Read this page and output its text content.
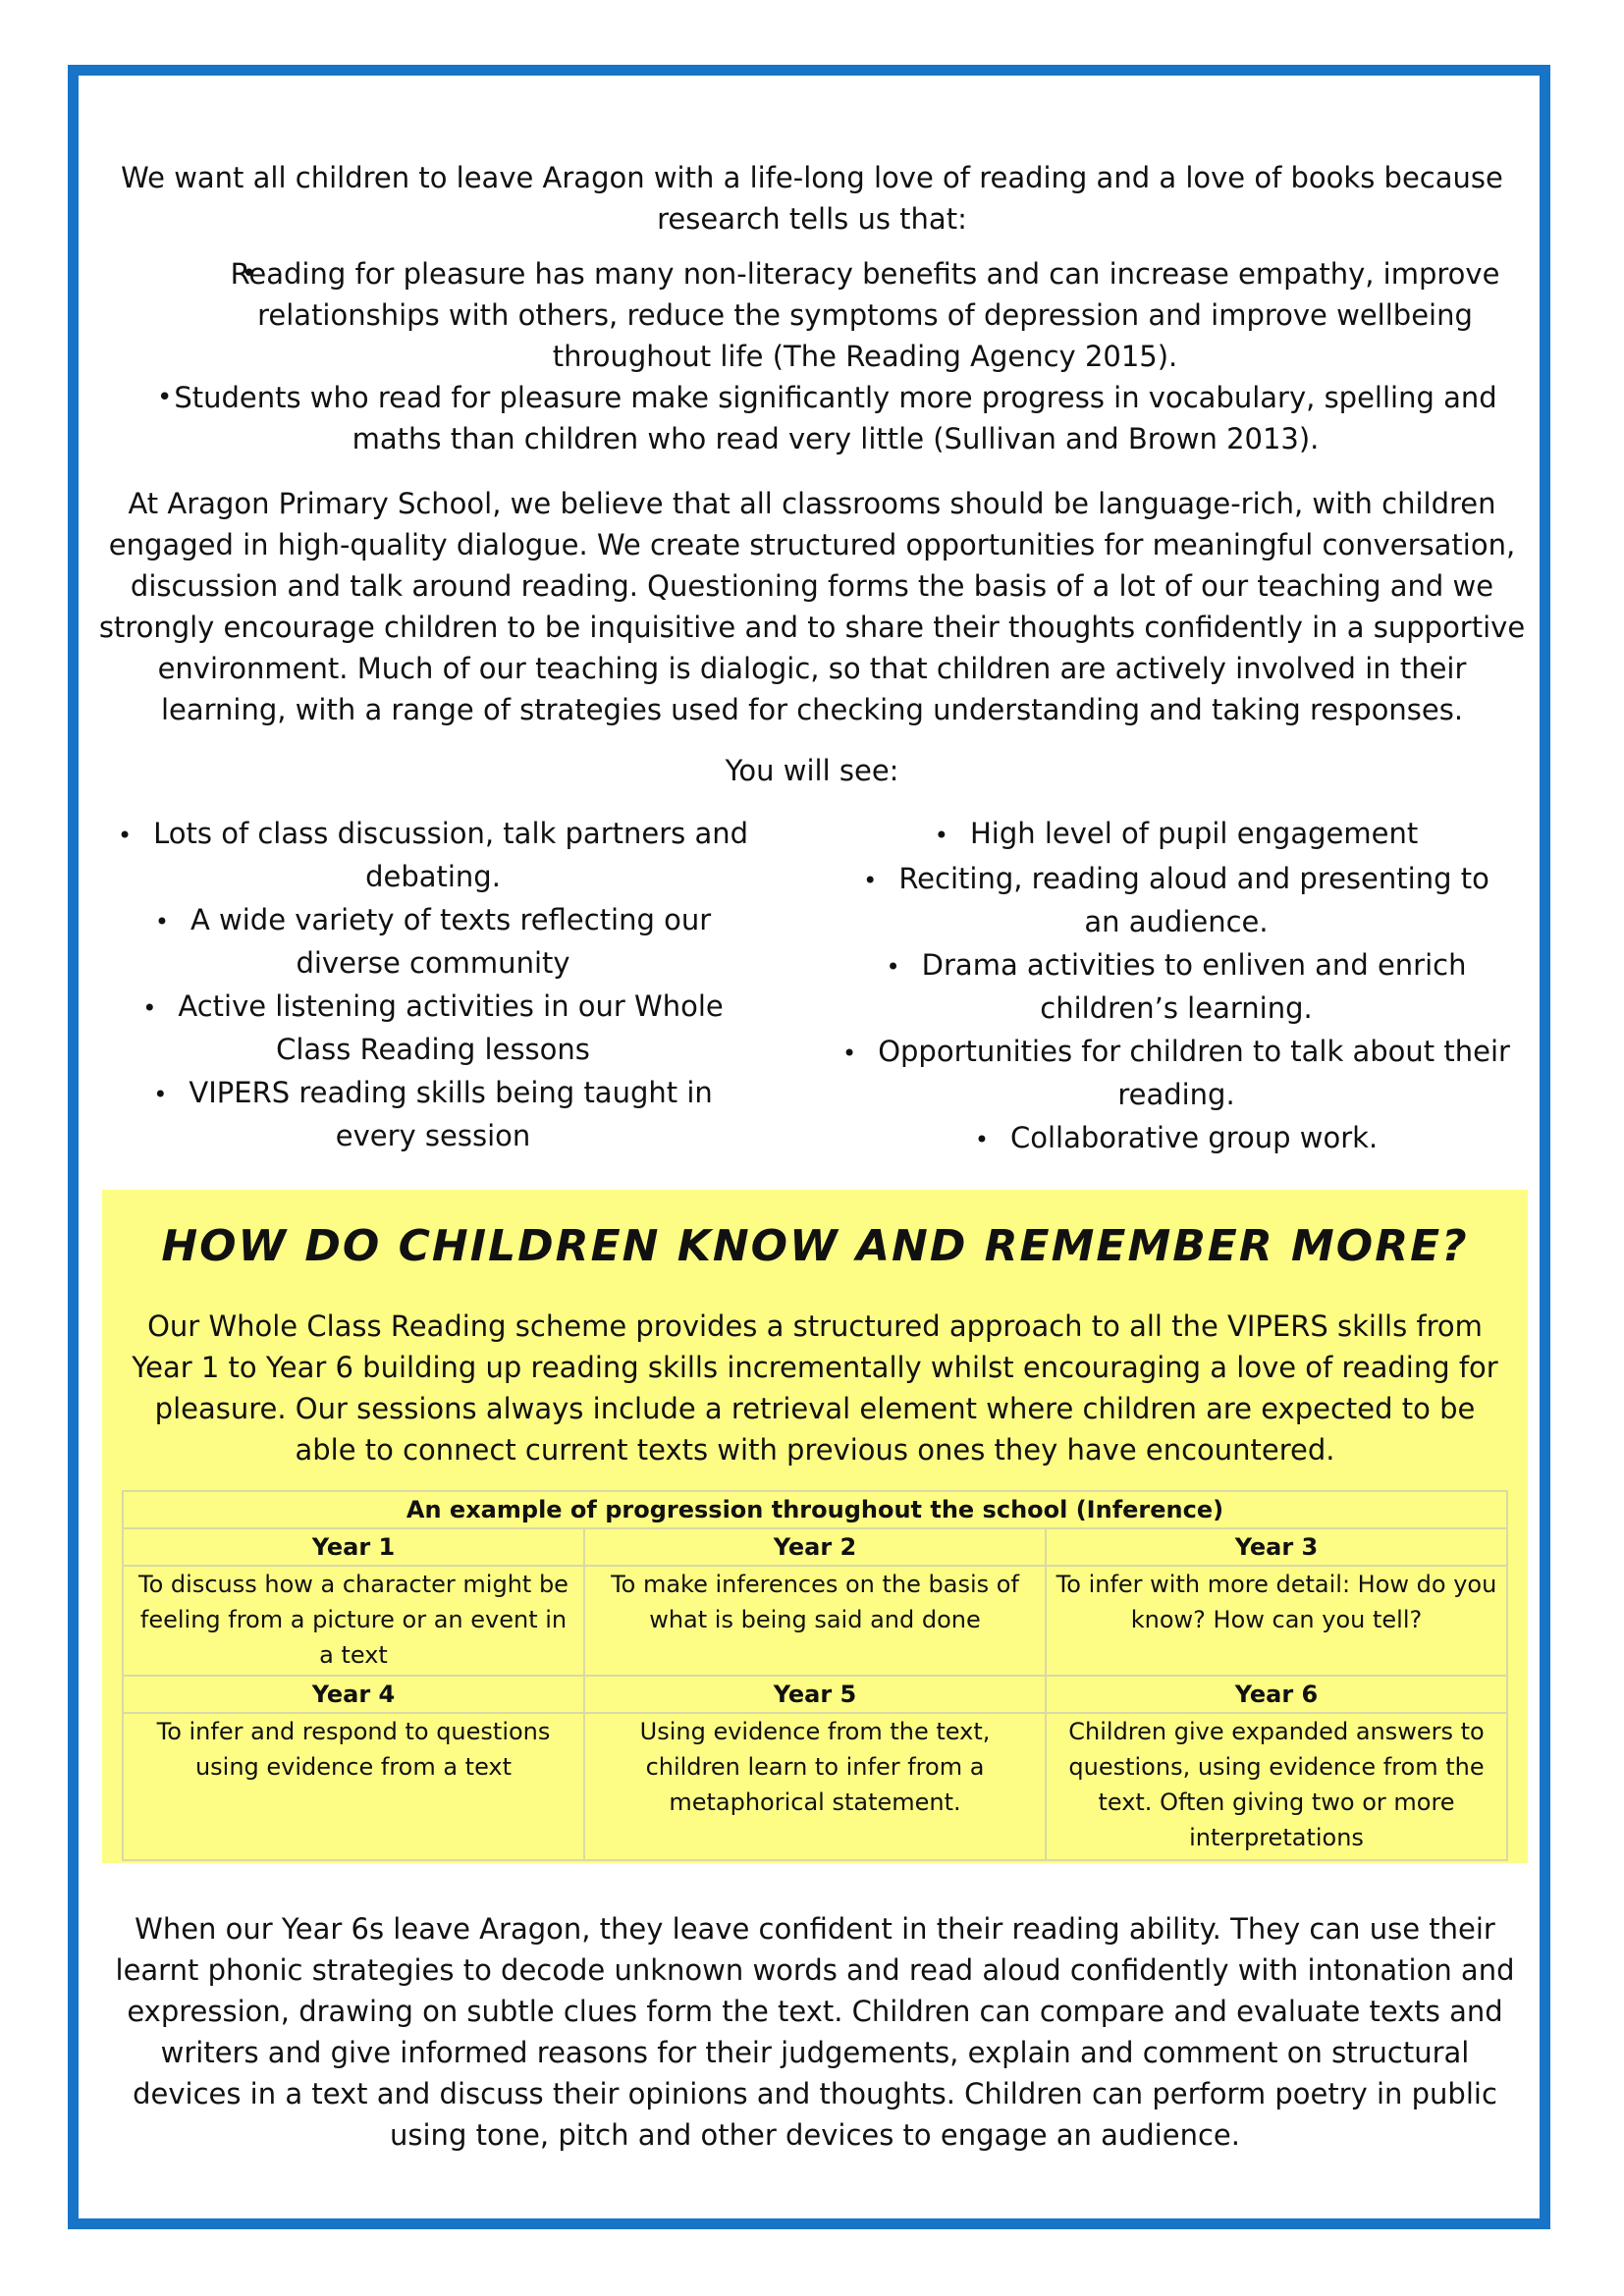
We want all children to leave Aragon with a life-long love of reading and a love of books because research tells us that:

• Reading for pleasure has many non-literacy benefits and can increase empathy, improve relationships with others, reduce the symptoms of depression and improve wellbeing throughout life (The Reading Agency 2015).
• Students who read for pleasure make significantly more progress in vocabulary, spelling and maths than children who read very little (Sullivan and Brown 2013).

At Aragon Primary School, we believe that all classrooms should be language-rich, with children engaged in high-quality dialogue. We create structured opportunities for meaningful conversation, discussion and talk around reading. Questioning forms the basis of a lot of our teaching and we strongly encourage children to be inquisitive and to share their thoughts confidently in a supportive environment. Much of our teaching is dialogic, so that children are actively involved in their learning, with a range of strategies used for checking understanding and taking responses.

You will see:

• Lots of class discussion, talk partners and debating.
• A wide variety of texts reflecting our diverse community
• Active listening activities in our Whole Class Reading lessons
• VIPERS reading skills being taught in every session
• High level of pupil engagement
• Reciting, reading aloud and presenting to an audience.
• Drama activities to enliven and enrich children’s learning.
• Opportunities for children to talk about their reading.
• Collaborative group work.
HOW DO CHILDREN KNOW AND REMEMBER MORE?

Our Whole Class Reading scheme provides a structured approach to all the VIPERS skills from Year 1 to Year 6 building up reading skills incrementally whilst encouraging a love of reading for pleasure. Our sessions always include a retrieval element where children are expected to be able to connect current texts with previous ones they have encountered.

An example of progression throughout the school (Inference)		
Year 1	Year 2	Year 3
To discuss how a character might be feeling from a picture or an event in a text	To make inferences on the basis of what is being said and done	To infer with more detail: How do you know? How can you tell?
Year 4	Year 5	Year 6
To infer and respond to questions using evidence from a text	Using evidence from the text, children learn to infer from a metaphorical statement.	Children give expanded answers to questions, using evidence from the text. Often giving two or more interpretations

When our Year 6s leave Aragon, they leave confident in their reading ability. They can use their learnt phonic strategies to decode unknown words and read aloud confidently with intonation and expression, drawing on subtle clues form the text. Children can compare and evaluate texts and writers and give informed reasons for their judgements, explain and comment on structural devices in a text and discuss their opinions and thoughts. Children can perform poetry in public using tone, pitch and other devices to engage an audience.
